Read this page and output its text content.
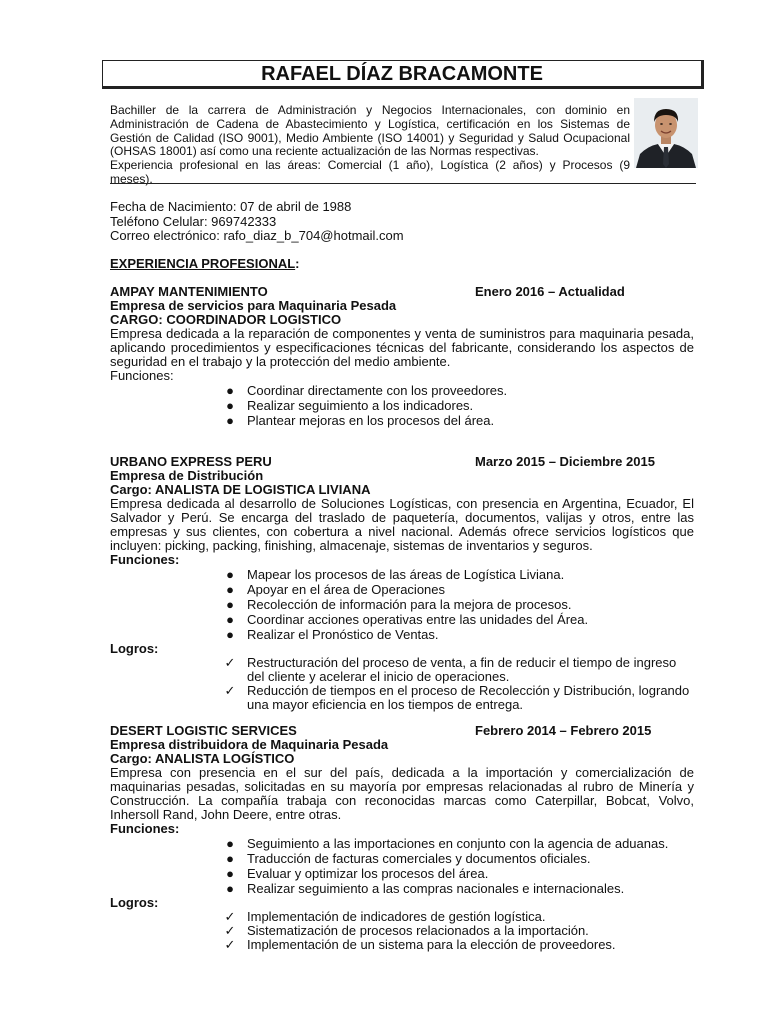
RAFAEL DÍAZ BRACAMONTE

Bachiller de la carrera de Administración y Negocios Internacionales, con dominio en Administración de Cadena de Abastecimiento y Logística, certificación en los Sistemas de Gestión de Calidad (ISO 9001), Medio Ambiente (ISO 14001) y Seguridad y Salud Ocupacional (OHSAS 18001) así como una reciente actualización de las Normas respectivas.

Experiencia profesional en las áreas: Comercial (1 año), Logística (2 años) y Procesos (9 meses).

Fecha de Nacimiento: 07 de abril de 1988
Teléfono Celular: 969742333
Correo electrónico: rafo_diaz_b_704@hotmail.com
EXPERIENCIA PROFESIONAL:
AMPAY MANTENIMIENTO	Enero 2016 – Actualidad
Empresa de servicios para Maquinaria Pesada
CARGO: COORDINADOR LOGISTICO
Empresa dedicada a la reparación de componentes y venta de suministros para maquinaria pesada, aplicando procedimientos y especificaciones técnicas del fabricante, considerando los aspectos de seguridad en el trabajo y la protección del medio ambiente.
Funciones:
● Coordinar directamente con los proveedores.
● Realizar seguimiento a los indicadores.
● Plantear mejoras en los procesos del área.
URBANO EXPRESS PERU	Marzo 2015 – Diciembre 2015
Empresa de Distribución
Cargo: ANALISTA DE LOGISTICA LIVIANA
Empresa dedicada al desarrollo de Soluciones Logísticas, con presencia en Argentina, Ecuador, El Salvador y Perú. Se encarga del traslado de paquetería, documentos, valijas y otros, entre las empresas y sus clientes, con cobertura a nivel nacional. Además ofrece servicios logísticos que incluyen: picking, packing, finishing, almacenaje, sistemas de inventarios y seguros.
Funciones:
● Mapear los procesos de las áreas de Logística Liviana.
● Apoyar en el área de Operaciones
● Recolección de información para la mejora de procesos.
● Coordinar acciones operativas entre las unidades del Área.
● Realizar el Pronóstico de Ventas.
Logros:
✓ Restructuración del proceso de venta, a fin de reducir el tiempo de ingreso del cliente y acelerar el inicio de operaciones.
✓ Reducción de tiempos en el proceso de Recolección y Distribución, logrando una mayor eficiencia en los tiempos de entrega.
DESERT LOGISTIC SERVICES	Febrero 2014 – Febrero 2015
Empresa distribuidora de Maquinaria Pesada
Cargo: ANALISTA LOGÍSTICO
Empresa con presencia en el sur del país, dedicada a la importación y comercialización de maquinarias pesadas, solicitadas en su mayoría por empresas relacionadas al rubro de Minería y Construcción. La compañía trabaja con reconocidas marcas como Caterpillar, Bobcat, Volvo, Inhersoll Rand, John Deere, entre otras.
Funciones:
● Seguimiento a las importaciones en conjunto con la agencia de aduanas.
● Traducción de facturas comerciales y documentos oficiales.
● Evaluar y optimizar los procesos del área.
● Realizar seguimiento a las compras nacionales e internacionales.
Logros:
✓ Implementación de indicadores de gestión logística.
✓ Sistematización de procesos relacionados a la importación.
✓ Implementación de un sistema para la elección de proveedores.
